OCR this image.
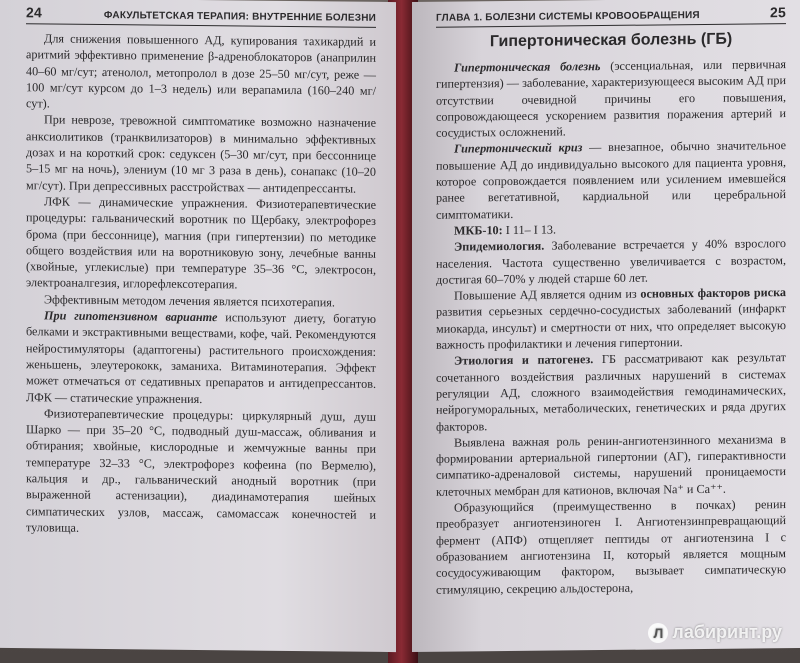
24	ФАКУЛЬТЕТСКАЯ ТЕРАПИЯ: ВНУТРЕННИЕ БОЛЕЗНИ

Для снижения повышенного АД, купирования тахикардий и аритмий эффективно применение β-адреноблокаторов (анаприлин 40–60 мг/сут; атенолол, метопролол в дозе 25–50 мг/сут, реже — 100 мг/сут курсом до 1–3 недель) или верапамила (160–240 мг/сут).

При неврозе, тревожной симптоматике возможно назначение анксиолитиков (транквилизаторов) в минимально эффективных дозах и на короткий срок: седуксен (5–30 мг/сут, при бессоннице 5–15 мг на ночь), элениум (10 мг 3 раза в день), сонапакс (10–20 мг/сут). При депрессивных расстройствах — антидепрессанты.

ЛФК — динамические упражнения. Физиотерапевтические процедуры: гальванический воротник по Щербаку, электрофорез брома (при бессоннице), магния (при гипертензии) по методике общего воздействия или на воротниковую зону, лечебные ванны (хвойные, углекислые) при температуре 35–36 °С, электросон, электроаналгезия, иглорефлексотерапия.

Эффективным методом лечения является психотерапия.

При гипотензивном варианте используют диету, богатую белками и экстрактивными веществами, кофе, чай. Рекомендуются нейростимуляторы (адаптогены) растительного происхождения: женьшень, элеутерококк, заманиха. Витаминотерапия. Эффект может отмечаться от седативных препаратов и антидепрессантов. ЛФК — статические упражнения.

Физиотерапевтические процедуры: циркулярный душ, душ Шарко — при 35–20 °С, подводный душ-массаж, обливания и обтирания; хвойные, кислородные и жемчужные ванны при температуре 32–33 °С, электрофорез кофеина (по Вермелю), кальция и др., гальванический анодный воротник (при выраженной астенизации), диадинамотерапия шейных симпатических узлов, массаж, самомассаж конечностей и туловища.

ГЛАВА 1. БОЛЕЗНИ СИСТЕМЫ КРОВООБРАЩЕНИЯ	25
Гипертоническая болезнь (ГБ)

Гипертоническая болезнь (эссенциальная, или первичная гипертензия) — заболевание, характеризующееся высоким АД при отсутствии очевидной причины его повышения, сопровождающееся ускорением развития поражения артерий и сосудистых осложнений.

Гипертонический криз — внезапное, обычно значительное повышение АД до индивидуально высокого для пациента уровня, которое сопровождается появлением или усилением имевшейся ранее вегетативной, кардиальной или церебральной симптоматики.

МКБ-10: I 11– I 13.

Эпидемиология. Заболевание встречается у 40% взрослого населения. Частота существенно увеличивается с возрастом, достигая 60–70% у людей старше 60 лет.

Повышение АД является одним из основных факторов риска развития серьезных сердечно-сосудистых заболеваний (инфаркт миокарда, инсульт) и смертности от них, что определяет высокую важность профилактики и лечения гипертонии.

Этиология и патогенез. ГБ рассматривают как результат сочетанного воздействия различных нарушений в системах регуляции АД, сложного взаимодействия гемодинамических, нейрогуморальных, метаболических, генетических и ряда других факторов.

Выявлена важная роль ренин-ангиотензинного механизма в формировании артериальной гипертонии (АГ), гиперактивности симпатико-адреналовой системы, нарушений проницаемости клеточных мембран для катионов, включая Na⁺ и Ca⁺⁺.

Образующийся (преимущественно в почках) ренин преобразует ангиотензиноген I. Ангиотензинпревращающий фермент (АПФ) отщепляет пептиды от ангиотензина I с образованием ангиотензина II, который является мощным сосудосуживающим фактором, вызывает симпатическую стимуляцию, секрецию альдостерона,

Л лабиринт.ру
